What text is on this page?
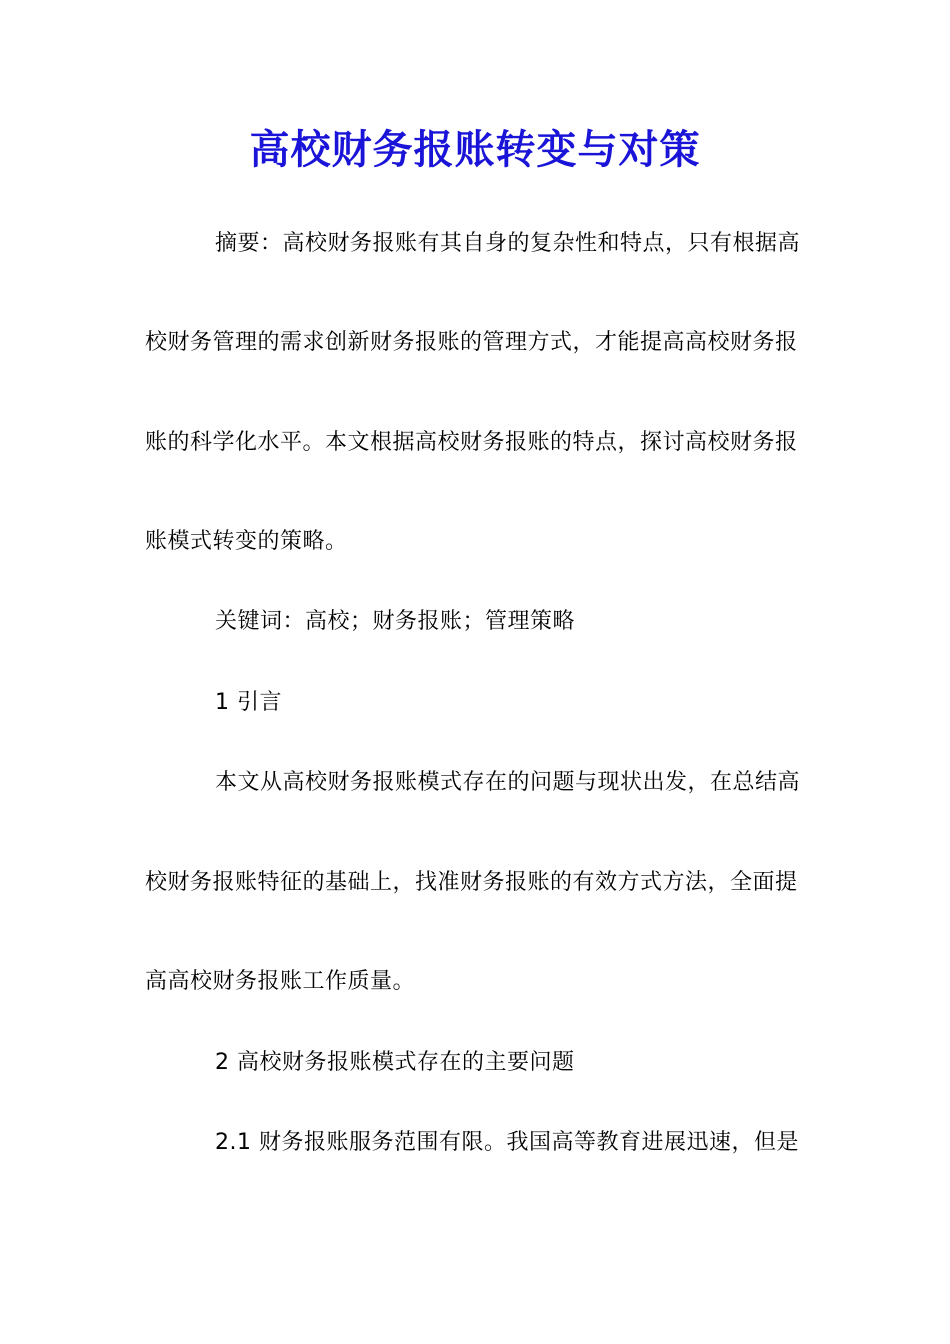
高校财务报账转变与对策
摘要：高校财务报账有其自身的复杂性和特点，只有根据高
校财务管理的需求创新财务报账的管理方式，才能提高高校财务报
账的科学化水平。本文根据高校财务报账的特点，探讨高校财务报
账模式转变的策略。
关键词：高校；财务报账；管理策略
1 引言
本文从高校财务报账模式存在的问题与现状出发，在总结高
校财务报账特征的基础上，找准财务报账的有效方式方法，全面提
高高校财务报账工作质量。
2 高校财务报账模式存在的主要问题
2.1 财务报账服务范围有限。我国高等教育进展迅速，但是
